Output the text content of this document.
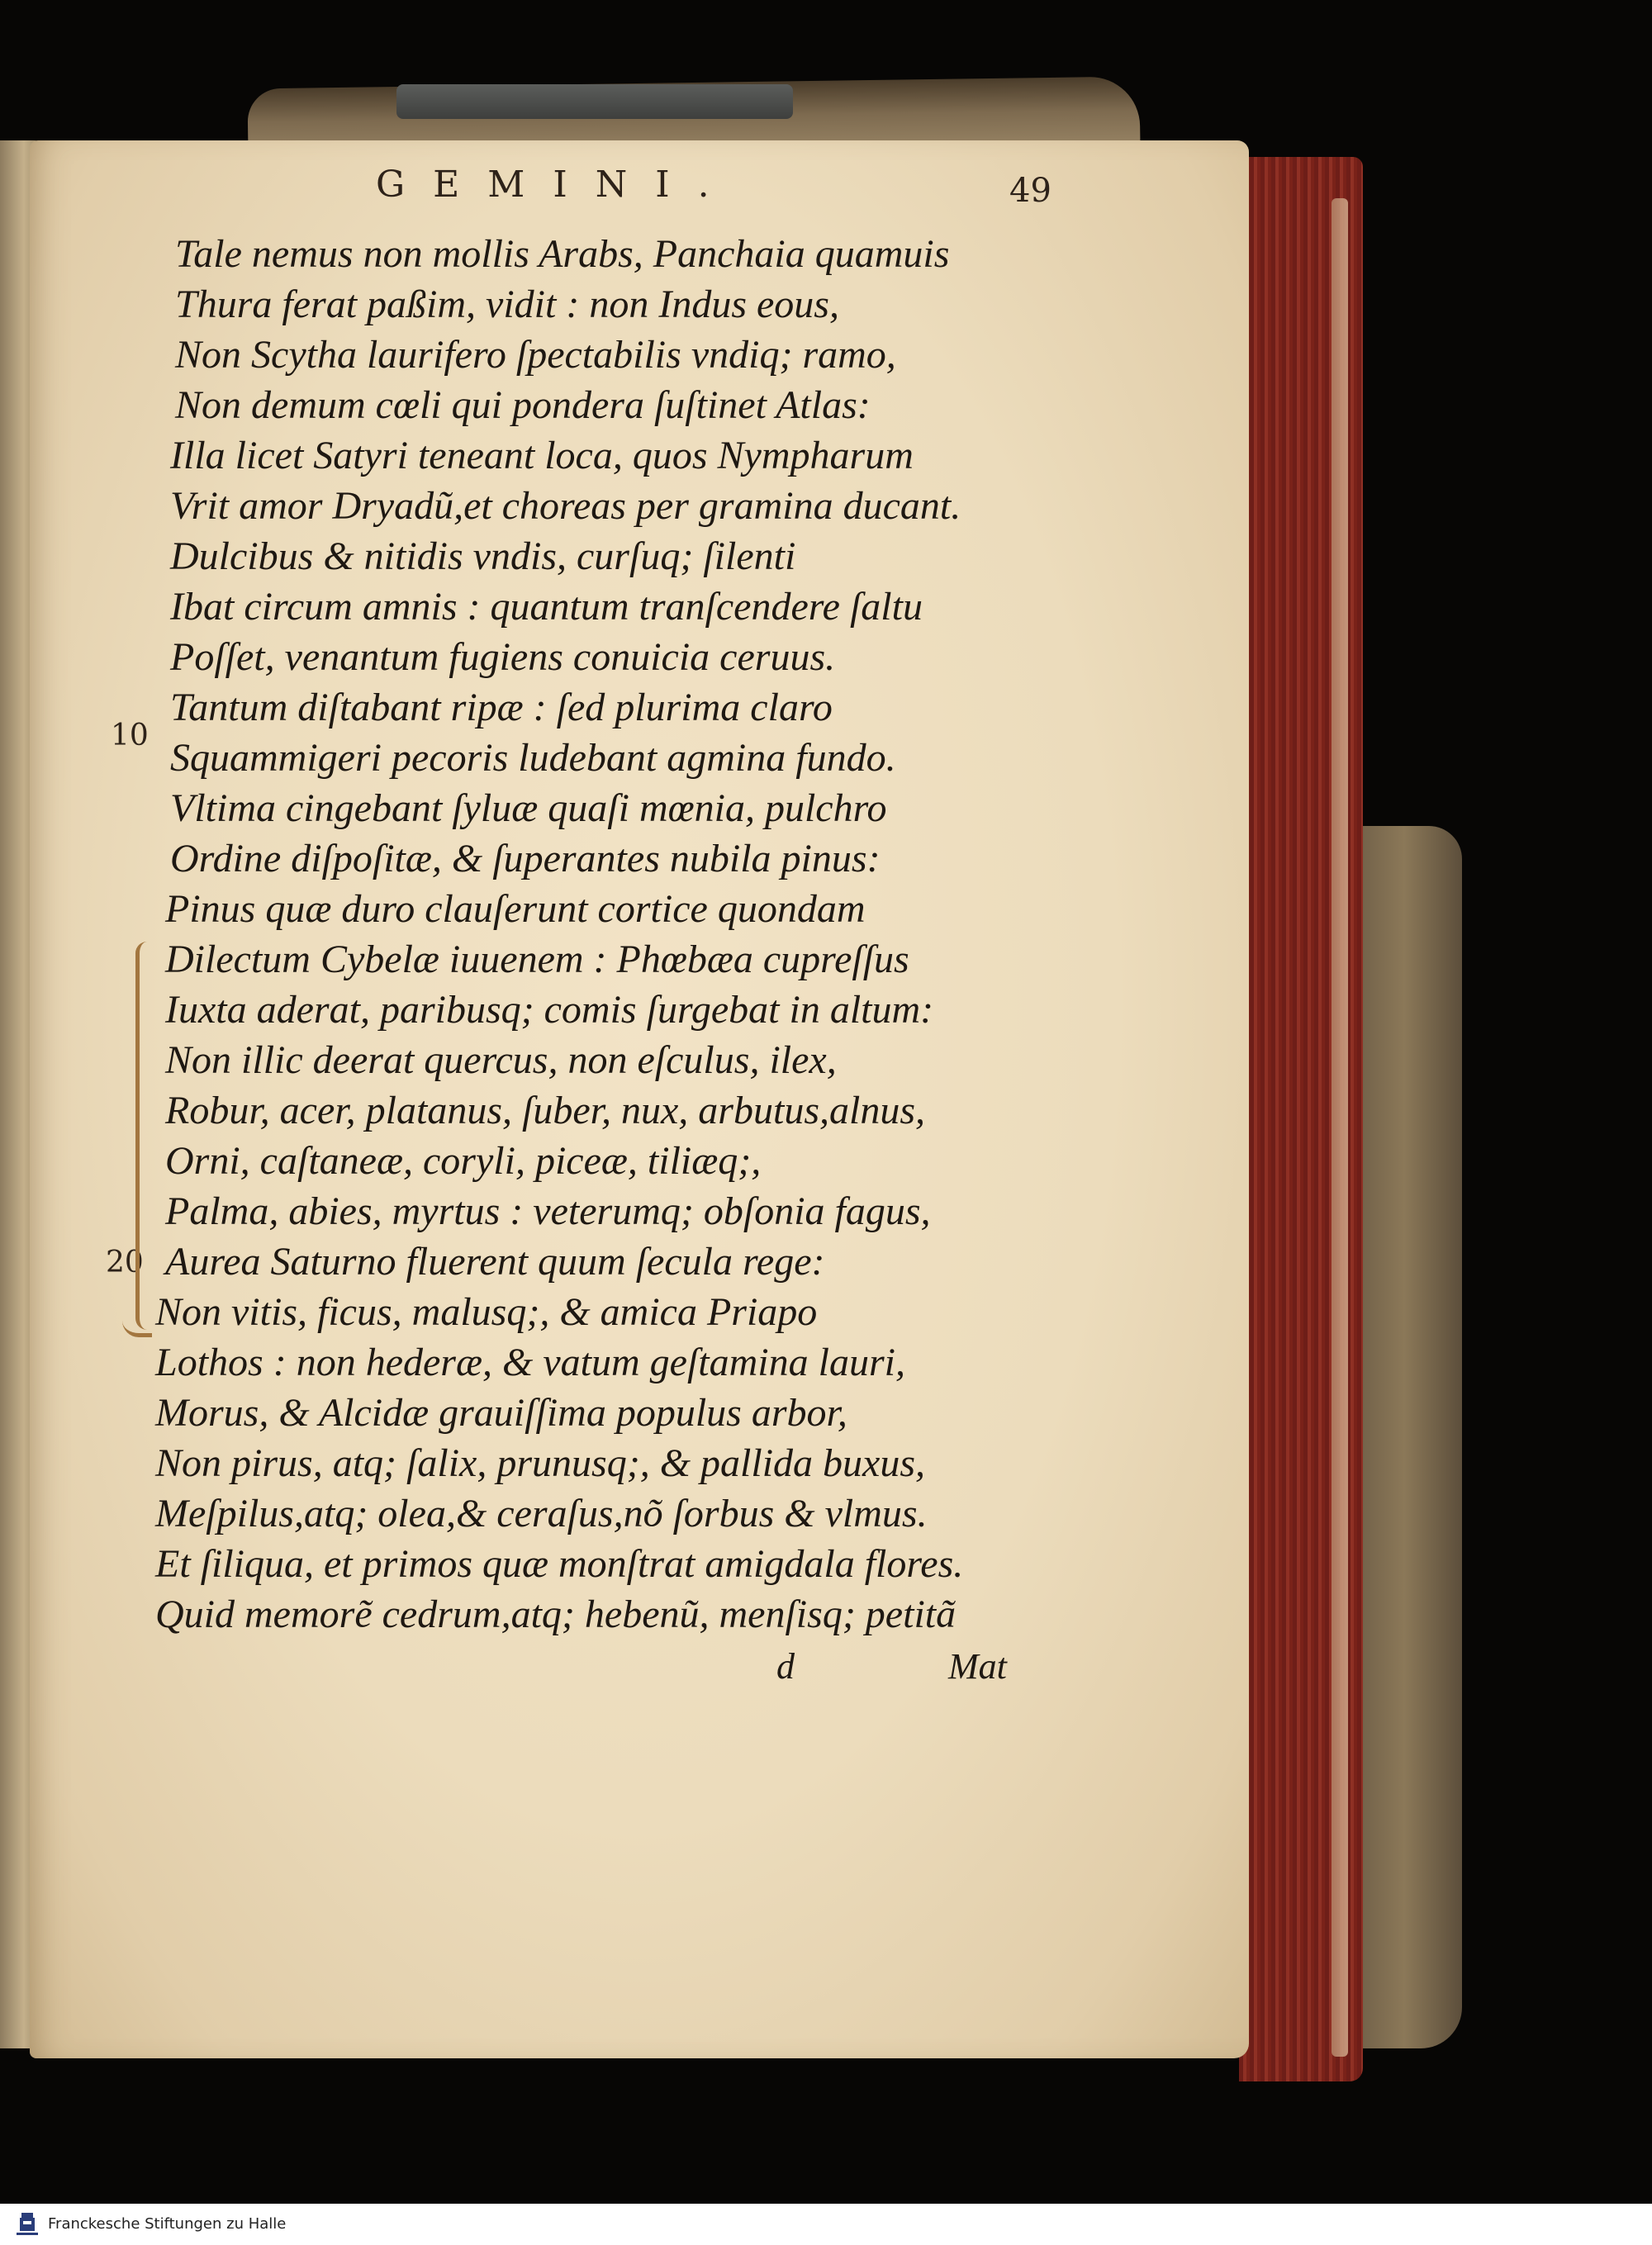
GEMINI.	49
Tale nemus non mollis Arabs, Panchaia quamuis
Thura ferat paßim, vidit : non Indus eous,
Non Scytha laurifero ſpectabilis vndiq; ramo,
Non demum cœli qui pondera ſuſtinet Atlas:
Illa licet Satyri teneant loca, quos Nympharum
Vrit amor Dryadũ,et choreas per gramina ducant.
Dulcibus & nitidis vndis, curſuq; ſilenti
Ibat circum amnis : quantum tranſcendere ſaltu
Poſſet, venantum fugiens conuicia ceruus.
Tantum diſtabant ripæ : ſed plurima claro
Squammigeri pecoris ludebant agmina fundo.
Vltima cingebant ſyluæ quaſi mœnia, pulchro
Ordine diſpoſitæ, & ſuperantes nubila pinus:
Pinus quæ duro clauſerunt cortice quondam
Dilectum Cybelæ iuuenem : Phœbæa cupreſſus
Iuxta aderat, paribusq; comis ſurgebat in altum:
Non illic deerat quercus, non eſculus, ilex,
Robur, acer, platanus, ſuber, nux, arbutus,alnus,
Orni, caſtaneæ, coryli, piceæ, tiliæq;,
Palma, abies, myrtus : veterumq; obſonia fagus,
Aurea Saturno fluerent quum ſecula rege:
Non vitis, ficus, malusq;, & amica Priapo
Lothos : non hederæ, & vatum geſtamina lauri,
Morus, & Alcidæ grauiſſima populus arbor,
Non pirus, atq; ſalix, prunusq;, & pallida buxus,
Meſpilus,atq; olea,& ceraſus,nõ ſorbus & vlmus.
Et ſiliqua, et primos quæ monſtrat amigdala flores.
Quid memorẽ cedrum,atq; hebenũ, menſisq; petitã
10
20
d	Mat
Franckesche Stiftungen zu Halle
